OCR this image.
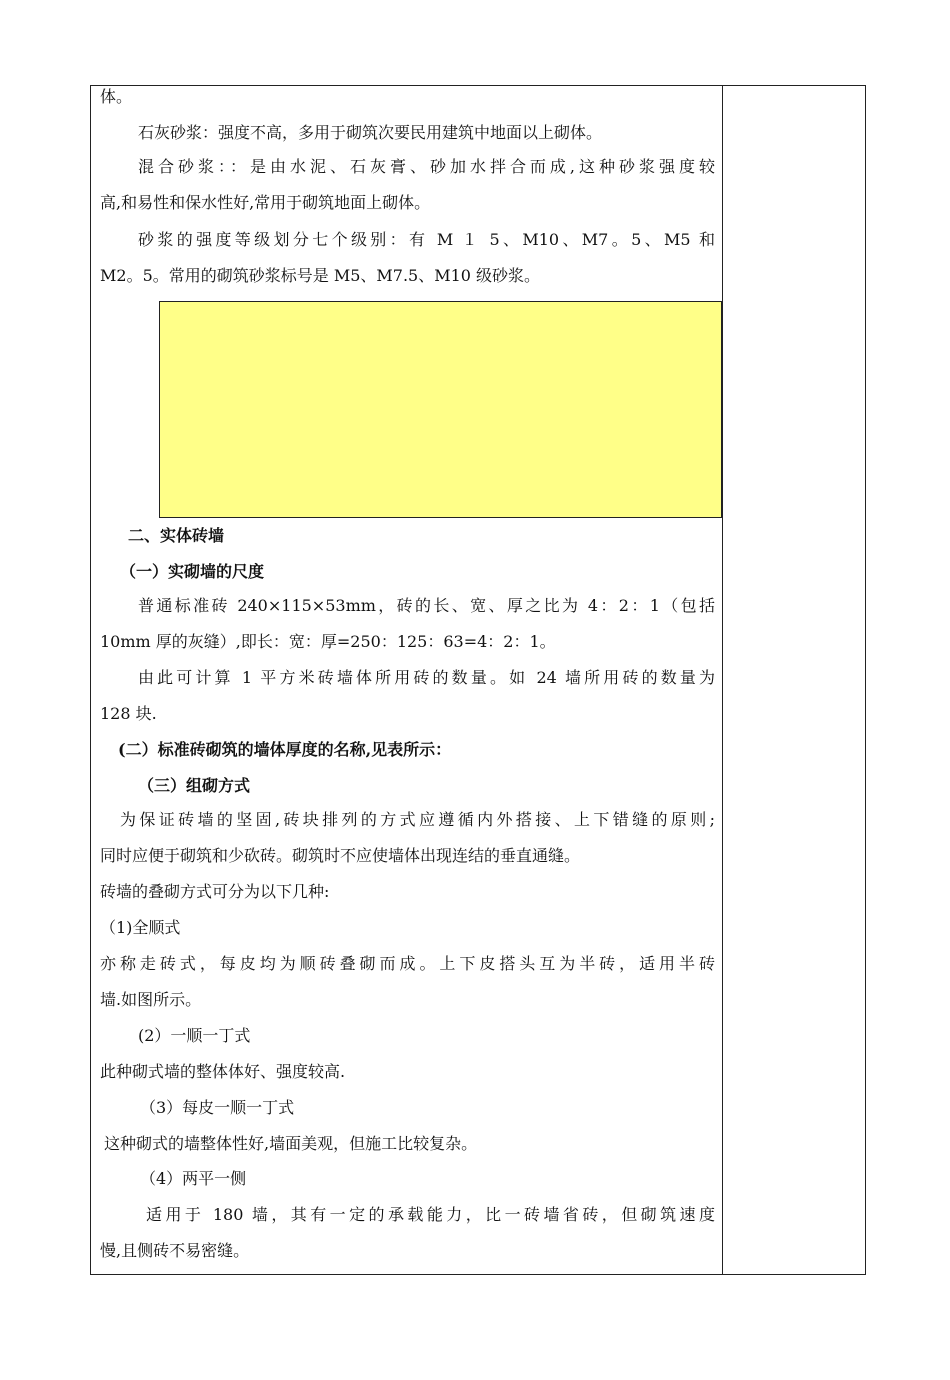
体。
石灰砂浆：强度不高，多用于砌筑次要民用建筑中地面以上砌体。
混合砂浆：：是由水泥、石灰膏、砂加水拌合而成,这种砂浆强度较
高,和易性和保水性好,常用于砌筑地面上砌体。
砂浆的强度等级划分七个级别：有 M １ 5、M10、M7。5、M5 和
M2。5。常用的砌筑砂浆标号是 M5、M7.5、M10 级砂浆。
二、实体砖墙
（一）实砌墙的尺度
普通标准砖 240×115×53mm，砖的长、宽、厚之比为 4：2：1（包括
10mm 厚的灰缝）,即长：宽：厚=250：125：63=4：2：1。
由此可计算 1 平方米砖墙体所用砖的数量。如 24 墙所用砖的数量为
128 块.
(二）标准砖砌筑的墙体厚度的名称,见表所示：
（三）组砌方式
为保证砖墙的坚固,砖块排列的方式应遵循内外搭接、上下错缝的原则;
同时应便于砌筑和少砍砖。砌筑时不应使墙体出现连结的垂直通缝。
砖墙的叠砌方式可分为以下几种:
（1)全顺式
亦称走砖式，每皮均为顺砖叠砌而成。上下皮搭头互为半砖，适用半砖
墙.如图所示。
(2）一顺一丁式
此种砌式墙的整体体好、强度较高.
（3）每皮一顺一丁式
这种砌式的墙整体性好,墙面美观，但施工比较复杂。
（4）两平一侧
适用于 180 墙，其有一定的承载能力，比一砖墙省砖，但砌筑速度
慢,且侧砖不易密缝。
